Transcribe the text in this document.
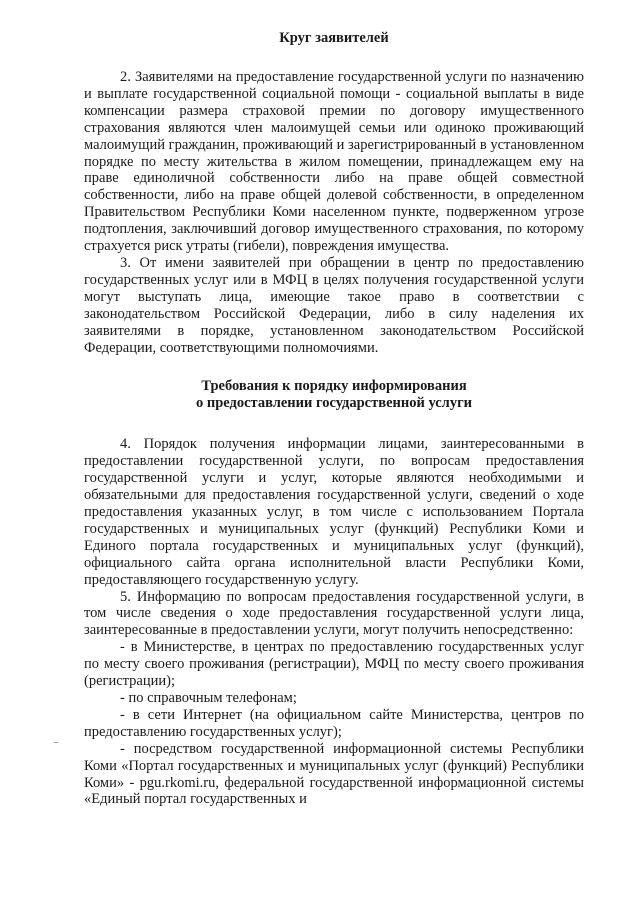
Круг заявителей

2. Заявителями на предоставление государственной услуги по назначению и выплате государственной социальной помощи - социальной выплаты в виде компенсации размера страховой премии по договору имущественного страхования являются член малоимущей семьи или одиноко проживающий малоимущий гражданин, проживающий и зарегистрированный в установленном порядке по месту жительства в жилом помещении, принадлежащем ему на праве единоличной собственности либо на праве общей совместной собственности, либо на праве общей долевой собственности, в определенном Правительством Республики Коми населенном пункте, подверженном угрозе подтопления, заключивший договор имущественного страхования, по которому страхуется риск утраты (гибели), повреждения имущества.

3. От имени заявителей при обращении в центр по предоставлению государственных услуг или в МФЦ в целях получения государственной услуги могут выступать лица, имеющие такое право в соответствии с законодательством Российской Федерации, либо в силу наделения их заявителями в порядке, установленном законодательством Российской Федерации, соответствующими полномочиями.

Требования к порядку информирования
о предоставлении государственной услуги

4. Порядок получения информации лицами, заинтересованными в предоставлении государственной услуги, по вопросам предоставления государственной услуги и услуг, которые являются необходимыми и обязательными для предоставления государственной услуги, сведений о ходе предоставления указанных услуг, в том числе с использованием Портала государственных и муниципальных услуг (функций) Республики Коми и Единого портала государственных и муниципальных услуг (функций), официального сайта органа исполнительной власти Республики Коми, предоставляющего государственную услугу.

5. Информацию по вопросам предоставления государственной услуги, в том числе сведения о ходе предоставления государственной услуги лица, заинтересованные в предоставлении услуги, могут получить непосредственно:

- в Министерстве, в центрах по предоставлению государственных услуг по месту своего проживания (регистрации), МФЦ по месту своего проживания (регистрации);

- по справочным телефонам;

- в сети Интернет (на официальном сайте Министерства, центров по предоставлению государственных услуг);

- посредством государственной информационной системы Республики Коми «Портал государственных и муниципальных услуг (функций) Республики Коми» - pgu.rkomi.ru, федеральной государственной информационной системы «Единый портал государственных и
